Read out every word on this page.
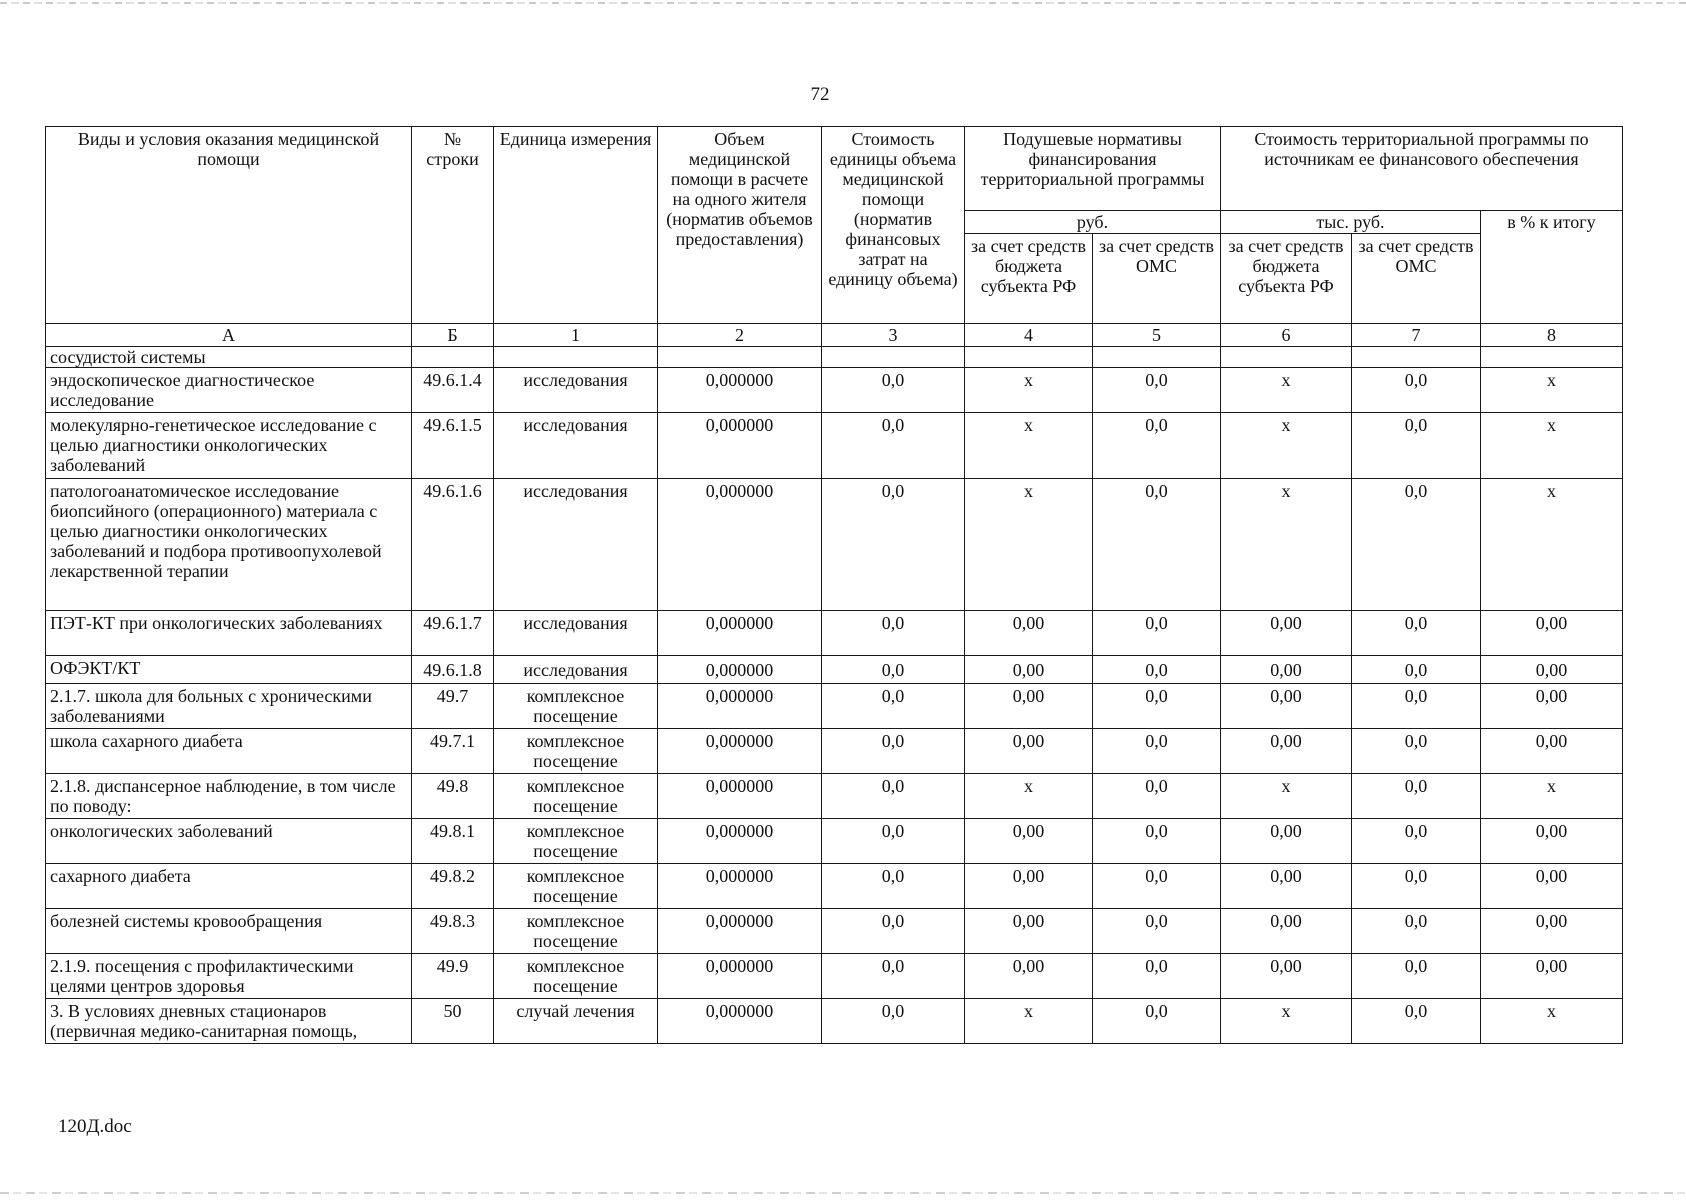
72
Виды и условия оказания медицинской помощи	№ строки	Единица измерения	Объем медицинской помощи в расчете на одного жителя (норматив объемов предоставления)	Стоимость единицы объема медицинской помощи (норматив финансовых затрат на единицу объема)	Подушевые нормативы финансирования территориальной программы		Стоимость территориальной программы по источникам ее финансового обеспечения		
					руб.		тыс. руб.		в % к итогу
					за счет средств бюджета субъекта РФ	за счет средств ОМС	за счет средств бюджета субъекта РФ	за счет средств ОМС	
А	Б	1	2	3	4	5	6	7	8
сосудистой системы									
эндоскопическое диагностическое исследование	49.6.1.4	исследования	0,000000	0,0	х	0,0	х	0,0	х
молекулярно-генетическое исследование с целью диагностики онкологических заболеваний	49.6.1.5	исследования	0,000000	0,0	х	0,0	х	0,0	х
патологоанатомическое исследование биопсийного (операционного) материала с целью диагностики онкологических заболеваний и подбора противоопухолевой лекарственной терапии	49.6.1.6	исследования	0,000000	0,0	х	0,0	х	0,0	х
ПЭТ-КТ при онкологических заболеваниях	49.6.1.7	исследования	0,000000	0,0	0,00	0,0	0,00	0,0	0,00
ОФЭКТ/КТ	49.6.1.8	исследования	0,000000	0,0	0,00	0,0	0,00	0,0	0,00
2.1.7. школа для больных с хроническими заболеваниями	49.7	комплексное посещение	0,000000	0,0	0,00	0,0	0,00	0,0	0,00
школа сахарного диабета	49.7.1	комплексное посещение	0,000000	0,0	0,00	0,0	0,00	0,0	0,00
2.1.8. диспансерное наблюдение, в том числе по поводу:	49.8	комплексное посещение	0,000000	0,0	х	0,0	х	0,0	х
онкологических заболеваний	49.8.1	комплексное посещение	0,000000	0,0	0,00	0,0	0,00	0,0	0,00
сахарного диабета	49.8.2	комплексное посещение	0,000000	0,0	0,00	0,0	0,00	0,0	0,00
болезней системы кровообращения	49.8.3	комплексное посещение	0,000000	0,0	0,00	0,0	0,00	0,0	0,00
2.1.9. посещения с профилактическими целями центров здоровья	49.9	комплексное посещение	0,000000	0,0	0,00	0,0	0,00	0,0	0,00
3. В условиях дневных стационаров (первичная медико-санитарная помощь,	50	случай лечения	0,000000	0,0	х	0,0	х	0,0	х
120Д.doc
